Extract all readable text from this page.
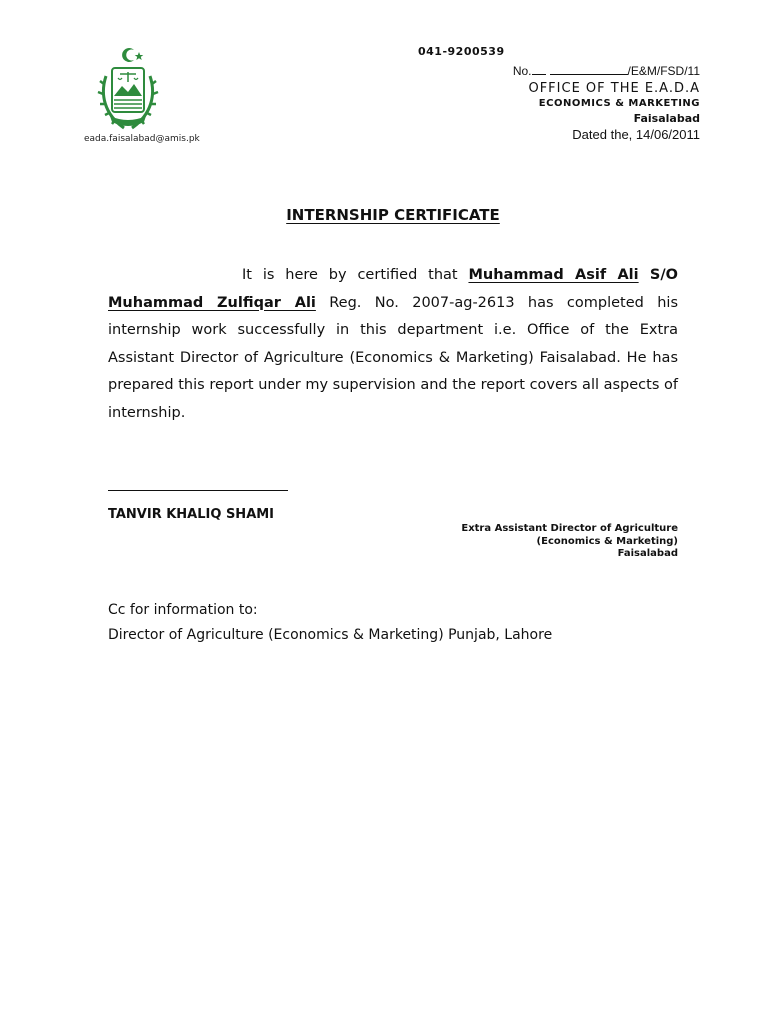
eada.faisalabad@amis.pk
041-9200539
No.	/E&M/FSD/11
OFFICE OF THE E.A.D.A
ECONOMICS & MARKETING
Faisalabad
Dated the, 14/06/2011
INTERNSHIP CERTIFICATE
It is here by certified that Muhammad Asif Ali S/O Muhammad Zulfiqar Ali Reg. No. 2007-ag-2613 has completed his internship work successfully in this department i.e. Office of the Extra Assistant Director of Agriculture (Economics & Marketing) Faisalabad. He has prepared this report under my supervision and the report covers all aspects of internship.
TANVIR KHALIQ SHAMI
Extra Assistant Director of Agriculture
(Economics & Marketing)
Faisalabad
Cc for information to:
Director of Agriculture (Economics & Marketing) Punjab, Lahore
